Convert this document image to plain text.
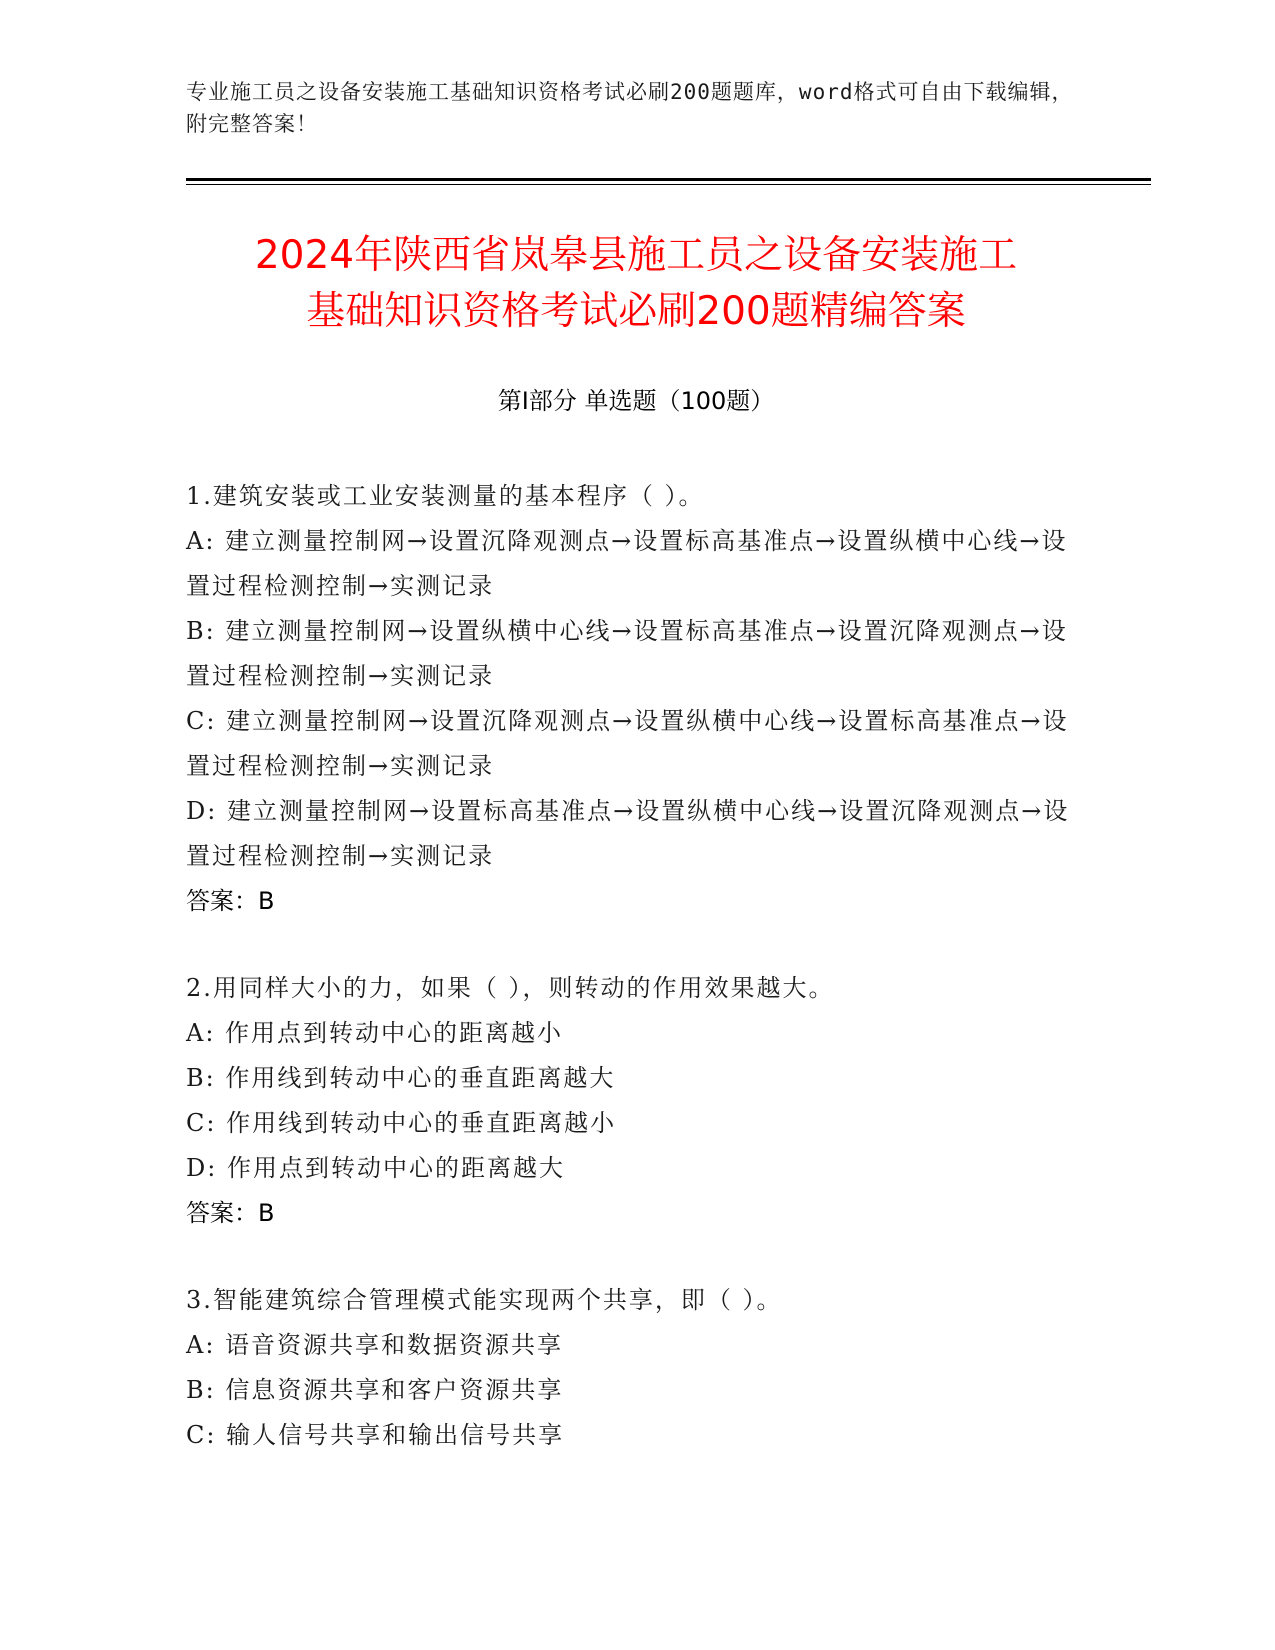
专业施工员之设备安装施工基础知识资格考试必刷200题题库，word格式可自由下载编辑，附完整答案！
2024年陕西省岚皋县施工员之设备安装施工
基础知识资格考试必刷200题精编答案
第Ⅰ部分 单选题（100题）

1.建筑安装或工业安装测量的基本程序（ ）。

A: 建立测量控制网→设置沉降观测点→设置标高基准点→设置纵横中心线→设置过程检测控制→实测记录

B: 建立测量控制网→设置纵横中心线→设置标高基准点→设置沉降观测点→设置过程检测控制→实测记录

C: 建立测量控制网→设置沉降观测点→设置纵横中心线→设置标高基准点→设置过程检测控制→实测记录

D: 建立测量控制网→设置标高基准点→设置纵横中心线→设置沉降观测点→设置过程检测控制→实测记录

答案：B

2.用同样大小的力，如果（ ），则转动的作用效果越大。

A: 作用点到转动中心的距离越小

B: 作用线到转动中心的垂直距离越大

C: 作用线到转动中心的垂直距离越小

D: 作用点到转动中心的距离越大

答案：B

3.智能建筑综合管理模式能实现两个共享，即（ ）。

A: 语音资源共享和数据资源共享

B: 信息资源共享和客户资源共享

C: 输人信号共享和输出信号共享
